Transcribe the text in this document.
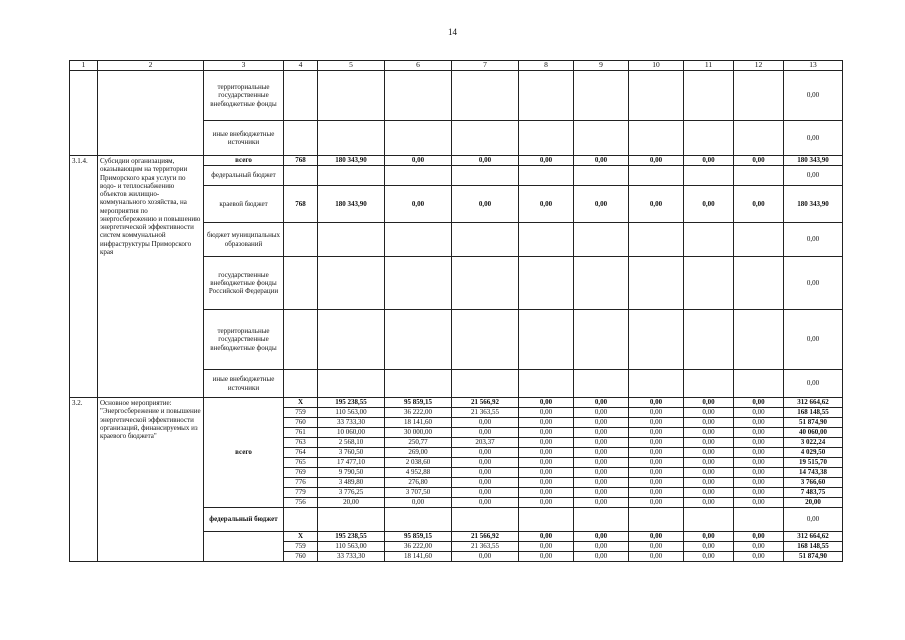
14
1	2	3	4	5	6	7	8	9	10	11	12	13
		территориальные государственные внебюджетные фонды										0,00
		иные внебюджетные источники										0,00
3.1.4.	Субсидии организациям, оказывающим на территории Приморского края услуги по водо- и теплоснабжению объектов жилищно-коммунального хозяйства, на мероприятия по энергосбережению и повышению энергетической эффективности систем коммунальной инфраструктуры Приморского края	всего	768	180 343,90	0,00	0,00	0,00	0,00	0,00	0,00	0,00	180 343,90
		федеральный бюджет										0,00
		краевой бюджет	768	180 343,90	0,00	0,00	0,00	0,00	0,00	0,00	0,00	180 343,90
		бюджет муниципальных образований										0,00
		государственные внебюджетные фонды Российской Федерации										0,00
		территориальные государственные внебюджетные фонды										0,00
		иные внебюджетные источники										0,00
3.2.	Основное мероприятие: "Энергосбережение и повышение энергетической эффективности организаций, финансируемых из краевого бюджета"	всего	X	195 238,55	95 859,15	21 566,92	0,00	0,00	0,00	0,00	0,00	312 664,62
			759	110 563,00	36 222,00	21 363,55	0,00	0,00	0,00	0,00	0,00	168 148,55
			760	33 733,30	18 141,60	0,00	0,00	0,00	0,00	0,00	0,00	51 874,90
			761	10 060,00	30 000,00	0,00	0,00	0,00	0,00	0,00	0,00	40 060,00
			763	2 568,10	250,77	203,37	0,00	0,00	0,00	0,00	0,00	3 022,24
			764	3 760,50	269,00	0,00	0,00	0,00	0,00	0,00	0,00	4 029,50
			765	17 477,10	2 038,60	0,00	0,00	0,00	0,00	0,00	0,00	19 515,70
			769	9 790,50	4 952,88	0,00	0,00	0,00	0,00	0,00	0,00	14 743,38
			776	3 489,80	276,80	0,00	0,00	0,00	0,00	0,00	0,00	3 766,60
			779	3 776,25	3 707,50	0,00	0,00	0,00	0,00	0,00	0,00	7 483,75
			756	20,00	0,00	0,00	0,00	0,00	0,00	0,00	0,00	20,00
		федеральный бюджет										0,00
			X	195 238,55	95 859,15	21 566,92	0,00	0,00	0,00	0,00	0,00	312 664,62
			759	110 563,00	36 222,00	21 363,55	0,00	0,00	0,00	0,00	0,00	168 148,55
			760	33 733,30	18 141,60	0,00	0,00	0,00	0,00	0,00	0,00	51 874,90
